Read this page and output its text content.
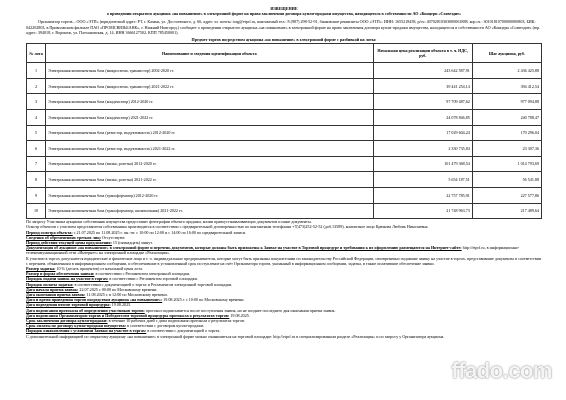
ИЗВЕЩЕНИЕ
о проведении открытого аукциона «на повышение» в электронной форме на право заключения договора купли-продажи имущества, находящегося в собственности АО «Концерн «Созвездие»

Организатор торгов – ООО «ЭТП» (юридический адрес: РТ, г. Казань, ул. Достоевского, д. 66, адрес эл. почты: torg@etprf.ru, контактный тел.: 8 (987) 298-52-91, банковские реквизиты ООО «ЭТП»: ИНН: 1655218458, р/сч: 40702810303000061888, кор.сч.: 30101810700000000803, БИК: 042202803, в Приволжском филиале ПАО «ПРОМСВЯЗЬБАНК», г. Нижний Новгород.) сообщает о проведении открытого аукциона «на повышение» в электронной форме на право заключения договора купли-продажи имущества, находящегося в собственности АО «Концерн «Созвездие» (юр. адрес: 394018, г. Воронеж, ул. Плехановская, д. 14, ИНН 3666127502, КПП 785450001).

Предмет торгов посредством аукциона «на повышение» в электронной форме с разбивкой на лоты:
№ лота	Наименование и сведения идентификации объекта	Начальная цена реализации объекта в т. ч. НДС, руб.	Шаг аукциона, руб.
1	Электронная компонентная база (микросхема, транзистор) 2002-2020 гг.	243 642 587,91	2 436 425,88
2	Электронная компонентная база (микросхема, транзистор) 2021-2022 гг.	39 441 254,14	394 412,54
3	Электронная компонентная база (конденсатор) 2012-2020 гг.	97 709 487,62	977 094,88
4	Электронная компонентная база (конденсатор) 2021-2022 гг.	24 078 846,85	240 788,47
5	Электронная компонентная база (резистор, индуктивность) 2012-2020 гг.	17 029 604,24	170 296,04
6	Электронная компонентная база (резистор, индуктивность) 2021-2022 гг.	2 330 735,84	23 307,36
7	Электронная компонентная база (вилка, розетка) 2012-2020 гг.	101 479 368,54	1 014 793,69
8	Электронная компонентная база (вилка, розетка) 2021-2022 гг.	5 654 187,51	56 541,88
9	Электронная компонентная база (трансформатор) 2012-2020 гг.	22 757 785,91	227 577,86
10	Электронная компонентная база (трансформатор, кипятильник) 2021-2022 гг.	21 748 963,73	217 489,64

По запросу Участника аукциона собственник имущества предоставит фотографии объекта продажи, копии правоустанавливающих документов и иные документы.

Осмотр объектов с участием представителя собственника производится в соответствии с предварительной договоренностью по контактным телефонам +7(473)252-52-52 (доб.13589), контактное лицо Крюкова Любовь Николаевна.

Период осмотра объекта: с 21.07.2025 по 11.08.2025 г. пн.-пт. с 10:00 по 12:00 и с 14:00 по 16:00 по предварительной записи.

Сведения об обременениях третьих лиц: Отсутствуют.

Период действия текущей цены предложения: 15 (пятнадцать) минут.

Документация об аукционе «на повышение» в электронной форме и перечень документов, которые должны быть приложены к Заявке на участие в Торговой процедуре и требования к их оформлению размещаются на Интернет-сайте: http://etprf.ru, в информационно-телекоммуникационной сети «Интернет» на электронной площадке «Реализация».

К участию в торгах допускаются юридические и физические лица и т. ч. индивидуальные предприниматели, которые могут быть признаны покупателями по законодательству Российской Федерации, своевременно подавшие заявку на участие в торгах, представившие документы в соответствии с перечнем, объявленным в информационном сообщении, и обеспечившие в установленный срок поступление на счёт Организатора торгов, указанный в информационном сообщении, задатка, в также оплатившие обеспечение заявки.

Размер задатка: 10 % (десять процентов) от начальной цены лота.

Размер и форма обеспечения заявки: в соответствии с Регламентом электронной площадки.

Порядок подачи заявок на участие в торгах: в соответствии с Регламентом торговой площадки.

Порядок оплаты задатка: в соответствии с документацией о торгах и Регламентом электронной торговой площадки.

Дата начала приема заявок: 22.07.2025 с 00:00 по Московскому времени.

Дата окончания приема заявок: 11.08.2025 г. в 12:00 по Московскому времени.

Дата и время проведения торгов посредством аукциона «на повышение»: 19.08.2025 г. с 10:00 по Московскому времени.

Дата подведения итогов торговой процедуры: 19.08.2025.

Дата подписания протокола об определении участников торгов: протокол подписывается после поступления заявок, но не позднее последнего дня окончания приема заявок.

Дата подписания Организатором торгов и Победителем торговой процедуры протокола о результатах торгов: 19.08.2025.

Срок заключения договора купли-продажи: в течение 10 рабочих дней с даты подписания протокола о результатах торгов.

Срок оплаты по договору купли-продажи имущества: в соответствии с договором купли-продажи.

Порядок ознакомления с условиями Заявки на участие в торгах: в соответствии с документацией о торгах.

С дополнительной информацией по открытому аукциону «на повышение» в электронной форме можно ознакомиться на торговой площадке: http://etprf.ru в специализированном разделе «Реализация» и по запросу у Организатора аукциона.

ffado.com
